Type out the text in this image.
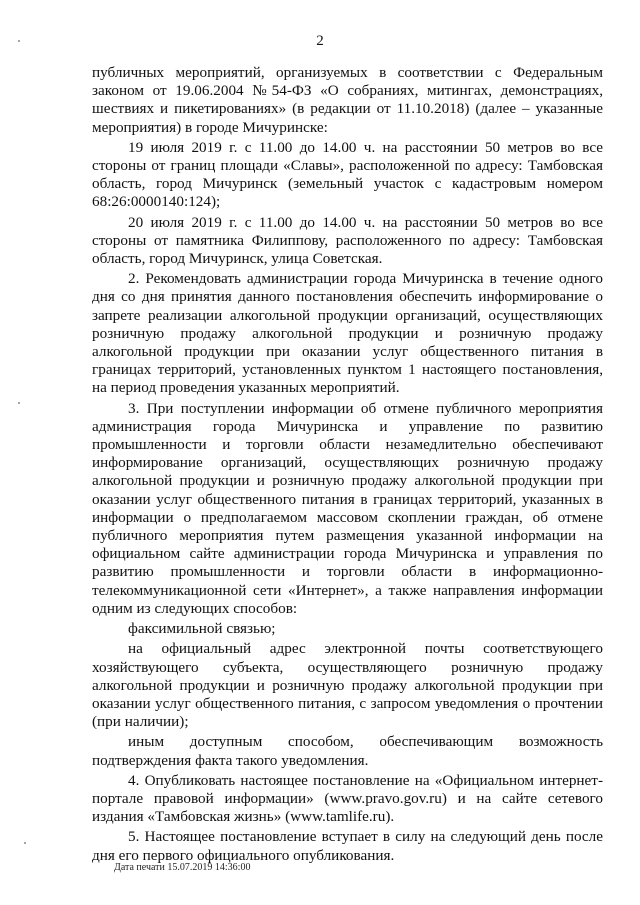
2

публичных мероприятий, организуемых в соответствии с Федеральным законом от 19.06.2004 №54-ФЗ «О собраниях, митингах, демонстрациях, шествиях и пикетированиях» (в редакции от 11.10.2018) (далее – указанные мероприятия) в городе Мичуринске:

19 июля 2019 г. с 11.00 до 14.00 ч. на расстоянии 50 метров во все стороны от границ площади «Славы», расположенной по адресу: Тамбовская область, город Мичуринск (земельный участок с кадастровым номером 68:26:0000140:124);

20 июля 2019 г. с 11.00 до 14.00 ч. на расстоянии 50 метров во все стороны от памятника Филиппову, расположенного по адресу: Тамбовская область, город Мичуринск, улица Советская.

2. Рекомендовать администрации города Мичуринска в течение одного дня со дня принятия данного постановления обеспечить информирование о запрете реализации алкогольной продукции организаций, осуществляющих розничную продажу алкогольной продукции и розничную продажу алкогольной продукции при оказании услуг общественного питания в границах территорий, установленных пунктом 1 настоящего постановления, на период проведения указанных мероприятий.

3. При поступлении информации об отмене публичного мероприятия администрация города Мичуринска и управление по развитию промышленности и торговли области незамедлительно обеспечивают информирование организаций, осуществляющих розничную продажу алкогольной продукции и розничную продажу алкогольной продукции при оказании услуг общественного питания в границах территорий, указанных в информации о предполагаемом массовом скоплении граждан, об отмене публичного мероприятия путем размещения указанной информации на официальном сайте администрации города Мичуринска и управления по развитию промышленности и торговли области в информационно-телекоммуникационной сети «Интернет», а также направления информации одним из следующих способов:

факсимильной связью;

на официальный адрес электронной почты соответствующего хозяйствующего субъекта, осуществляющего розничную продажу алкогольной продукции и розничную продажу алкогольной продукции при оказании услуг общественного питания, с запросом уведомления о прочтении (при наличии);

иным доступным способом, обеспечивающим возможность подтверждения факта такого уведомления.

4. Опубликовать настоящее постановление на «Официальном интернет-портале правовой информации» (www.pravo.gov.ru) и на сайте сетевого издания «Тамбовская жизнь» (www.tamlife.ru).

5. Настоящее постановление вступает в силу на следующий день после дня его первого официального опубликования.

Дата печати 15.07.2019 14:36:00
